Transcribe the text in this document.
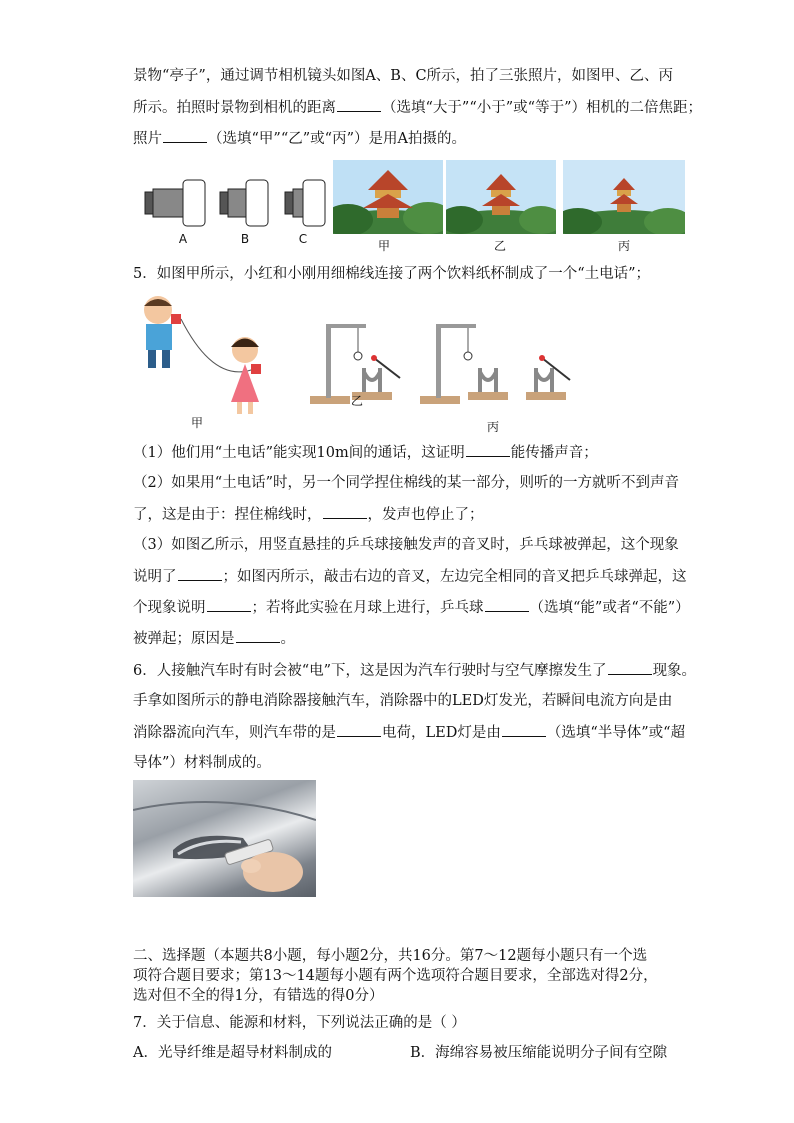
景物“亭子”，通过调节相机镜头如图A、B、C所示，拍了三张照片，如图甲、乙、丙
所示。拍照时景物到相机的距离	（选填“大于”“小于”或“等于”）相机的二倍焦距；
照片	（选填“甲”“乙”或“丙”）是用A拍摄的。
A	B	C	甲	乙	丙
5．如图甲所示，小红和小刚用细棉线连接了两个饮料纸杯制成了一个“土电话”；
甲
乙
丙
（1）他们用“土电话”能实现10m间的通话，这证明	能传播声音；
（2）如果用“土电话”时，另一个同学捏住棉线的某一部分，则听的一方就听不到声音
了，这是由于：捏住棉线时，	，发声也停止了；
（3）如图乙所示，用竖直悬挂的乒乓球接触发声的音叉时，乒乓球被弹起，这个现象
说明了	；如图丙所示，敲击右边的音叉，左边完全相同的音叉把乒乓球弹起，这
个现象说明	；若将此实验在月球上进行，乒乓球	（选填“能”或者“不能”）
被弹起；原因是	。
6．人接触汽车时有时会被“电”下，这是因为汽车行驶时与空气摩擦发生了	现象。
手拿如图所示的静电消除器接触汽车，消除器中的LED灯发光，若瞬间电流方向是由
消除器流向汽车，则汽车带的是	电荷，LED灯是由	（选填“半导体”或“超
导体”）材料制成的。
二、选择题（本题共8小题，每小题2分，共16分。第7～12题每小题只有一个选
项符合题目要求；第13～14题每小题有两个选项符合题目要求，全部选对得2分，
选对但不全的得1分，有错选的得0分）
7．关于信息、能源和材料，下列说法正确的是（ ）
A．光导纤维是超导材料制成的	B．海绵容易被压缩能说明分子间有空隙
